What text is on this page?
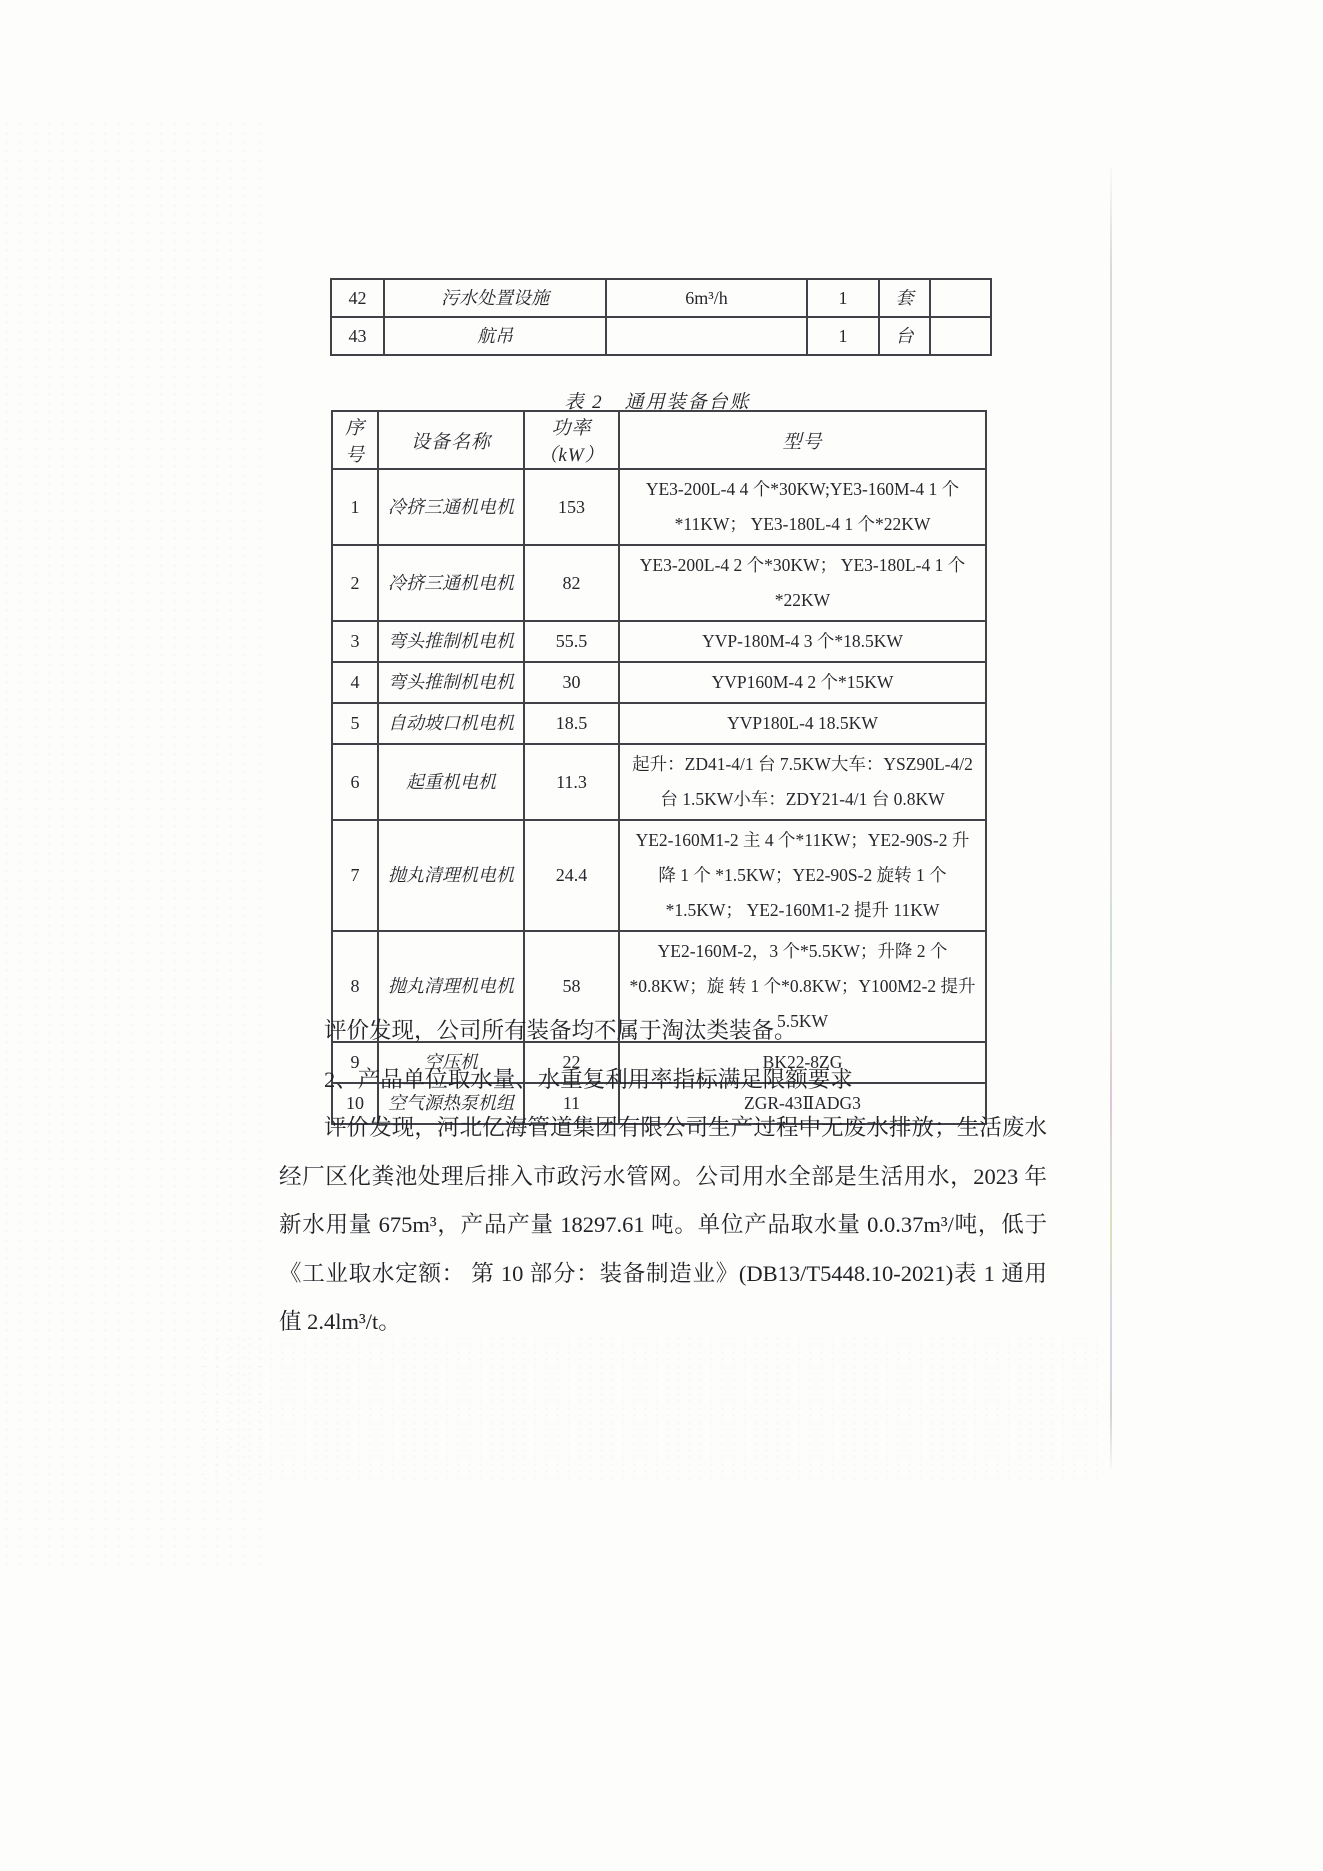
42	污水处置设施	6m³/h	1	套	
43	航吊		1	台	
表 2　通用装备台账
序号	设备名称	功率（kW）	型号
1	冷挤三通机电机	153	YE3-200L-4 4 个*30KW;YE3-160M-4 1 个*11KW； YE3-180L-4 1 个*22KW
2	冷挤三通机电机	82	YE3-200L-4 2 个*30KW； YE3-180L-4 1 个*22KW
3	弯头推制机电机	55.5	YVP-180M-4 3 个*18.5KW
4	弯头推制机电机	30	YVP160M-4 2 个*15KW
5	自动坡口机电机	18.5	YVP180L-4 18.5KW
6	起重机电机	11.3	起升：ZD41-4/1 台 7.5KW大车：YSZ90L-4/2 台 1.5KW小车：ZDY21-4/1 台 0.8KW
7	抛丸清理机电机	24.4	YE2-160M1-2 主 4 个*11KW；YE2-90S-2 升降 1 个 *1.5KW；YE2-90S-2 旋转 1 个*1.5KW； YE2-160M1-2 提升 11KW
8	抛丸清理机电机	58	YE2-160M-2，3 个*5.5KW；升降 2 个*0.8KW；旋 转 1 个*0.8KW；Y100M2-2 提升 5.5KW
9	空压机	22	BK22-8ZG
10	空气源热泵机组	11	ZGR-43ⅡADG3

评价发现，公司所有装备均不属于淘汰类装备。

2、产品单位取水量、水重复利用率指标满足限额要求

评价发现，河北亿海管道集团有限公司生产过程中无废水排放；生活废水经厂区化粪池处理后排入市政污水管网。公司用水全部是生活用水，2023 年新水用量 675m³，产品产量 18297.61 吨。单位产品取水量 0.0.37m³/吨，低于《工业取水定额： 第 10 部分：装备制造业》(DB13/T5448.10-2021)表 1 通用值 2.4lm³/t。
